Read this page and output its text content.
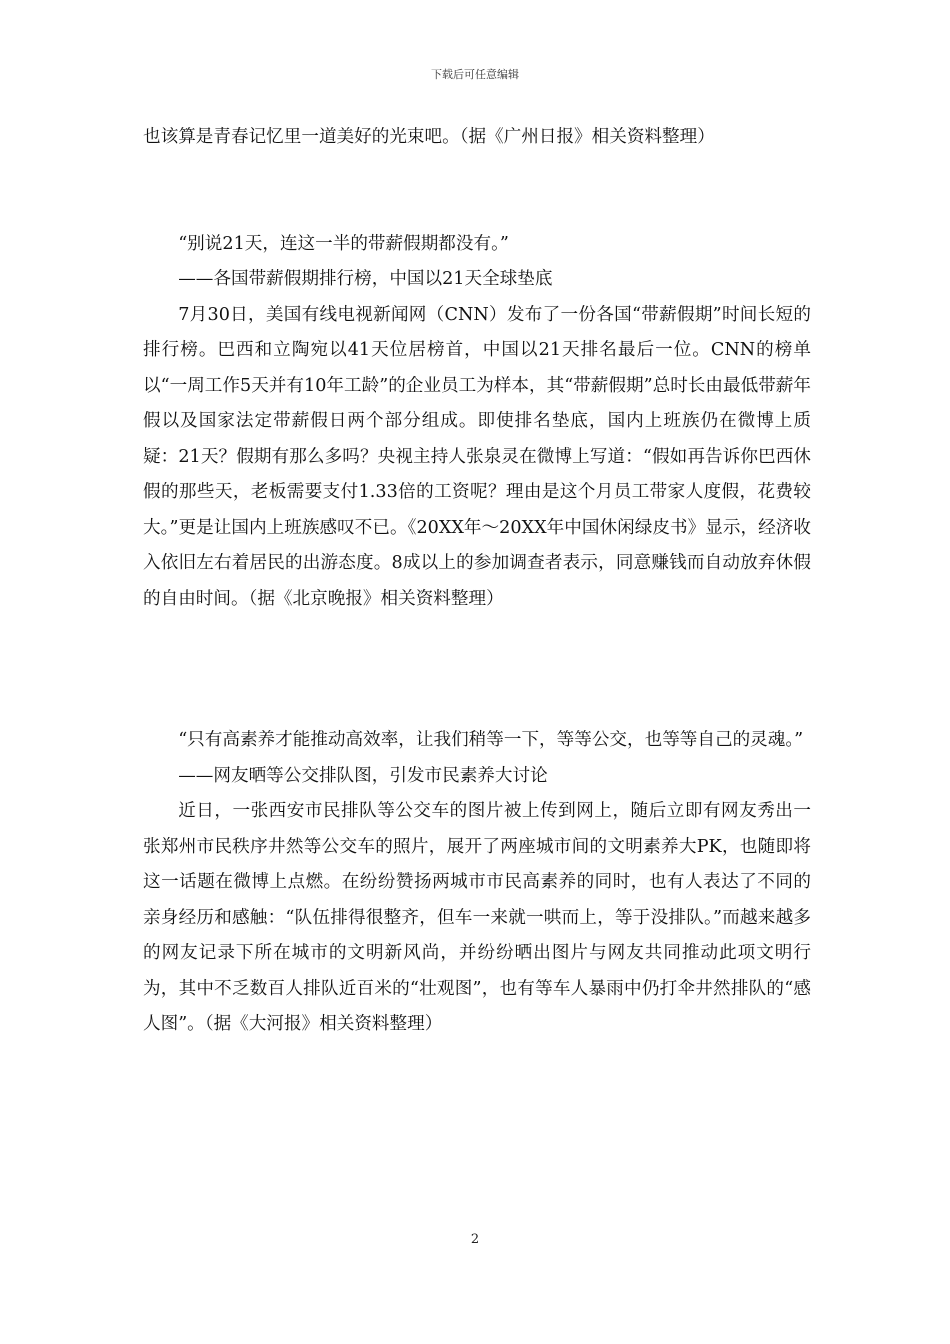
下载后可任意编辑

也该算是青春记忆里一道美好的光束吧。（据《广州日报》相关资料整理）

“别说21天，连这一半的带薪假期都没有。”

——各国带薪假期排行榜，中国以21天全球垫底

7月30日，美国有线电视新闻网（CNN）发布了一份各国“带薪假期”时间长短的排行榜。巴西和立陶宛以41天位居榜首，中国以21天排名最后一位。CNN的榜单以“一周工作5天并有10年工龄”的企业员工为样本，其“带薪假期”总时长由最低带薪年假以及国家法定带薪假日两个部分组成。即使排名垫底，国内上班族仍在微博上质疑：21天？假期有那么多吗？央视主持人张泉灵在微博上写道：“假如再告诉你巴西休假的那些天，老板需要支付1.33倍的工资呢？理由是这个月员工带家人度假，花费较大。”更是让国内上班族感叹不已。《20XX年～20XX年中国休闲绿皮书》显示，经济收入依旧左右着居民的出游态度。8成以上的参加调查者表示，同意赚钱而自动放弃休假的自由时间。（据《北京晚报》相关资料整理）

“只有高素养才能推动高效率，让我们稍等一下，等等公交，也等等自己的灵魂。”

——网友晒等公交排队图，引发市民素养大讨论

近日，一张西安市民排队等公交车的图片被上传到网上，随后立即有网友秀出一张郑州市民秩序井然等公交车的照片，展开了两座城市间的文明素养大PK，也随即将这一话题在微博上点燃。在纷纷赞扬两城市市民高素养的同时，也有人表达了不同的亲身经历和感触：“队伍排得很整齐，但车一来就一哄而上，等于没排队。”而越来越多的网友记录下所在城市的文明新风尚，并纷纷晒出图片与网友共同推动此项文明行为，其中不乏数百人排队近百米的“壮观图”，也有等车人暴雨中仍打伞井然排队的“感人图”。（据《大河报》相关资料整理）

2
